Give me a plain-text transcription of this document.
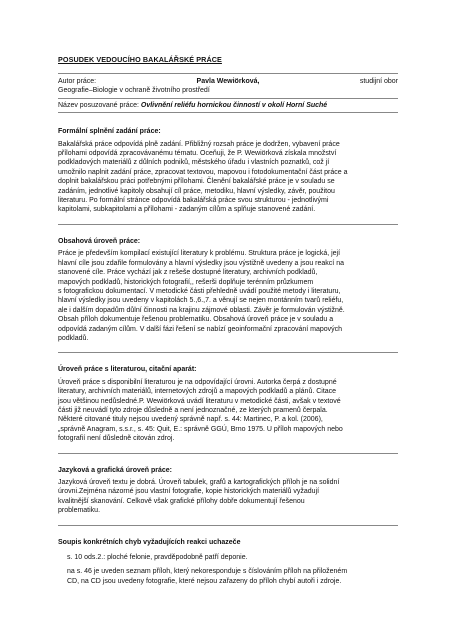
POSUDEK VEDOUCÍHO BAKALÁŘSKÉ PRÁCE
Autor práce:	Pavla Wewiörková,	studijní obor
Geografie–Biologie v ochraně životního prostředí
Název posuzované práce: Ovlivnění reliéfu hornickou činností v okolí Horní Suché
Formální splnění zadání práce:
Bakalářská práce odpovídá plně zadání. Přibližný rozsah práce je dodržen, vybavení práce
přílohami odpovídá zpracovávanému tématu. Oceňuji, že P. Wewiörková získala množství
podkladových materiálů z důlních podniků, městského úřadu i vlastních poznatků, což jí
umožnilo naplnit zadání práce, zpracovat textovou, mapovou i fotodokumentační část práce a
doplnit bakalářskou práci potřebnými přílohami. Členění bakalářské práce je v souladu se
zadáním, jednotlivé kapitoly obsahují cíl práce, metodiku, hlavní výsledky, závěr, použitou
literaturu. Po formální stránce odpovídá bakalářská práce svou strukturou - jednotlivými
kapitolami, subkapitolami a přílohami - zadaným cílům a splňuje stanovené zadání.
Obsahová úroveň práce:
Práce je především kompilací existující literatury k problému. Struktura práce je logická, její
hlavní cíle jsou zdařile formulovány a hlavní výsledky jsou výstižně uvedeny a jsou reakcí na
stanovené cíle. Práce vychází jak z rešeše dostupné literatury, archivních podkladů,
mapových podkladů, historických fotografií,, rešerši doplňuje terénním průzkumem
s fotografickou dokumentací. V metodické části přehledně uvádí použité metody i literaturu,
hlavní výsledky jsou uvedeny v kapitolách 5.,6.,7. a věnují se nejen montánním tvarů reliéfu,
ale i dalším dopadům důlní činnosti na krajinu zájmové oblasti. Závěr je formulován výstižně.
Obsah příloh dokumentuje řešenou problematiku. Obsahová úroveň práce je v souladu a
odpovídá zadaným cílům. V další fázi řešení se nabízí geoinformační zpracování mapových
podkladů.
Úroveň práce s literaturou, citační aparát:
Úroveň práce s disponibilní literaturou je na odpovídající úrovni. Autorka čerpá z dostupné
literatury, archivních materiálů, internetových zdrojů a mapových podkladů a plánů. Citace
jsou většinou nedůsledné.P. Wewiörková uvádí literaturu v metodické části, avšak v textové
části již neuvádí tyto zdroje důsledně a není jednoznačné, ze kterých pramenů čerpala.
Některé citované tituly nejsou uvedený správně např. s. 44: Martinec, P. a kol. (2006),
„správně Anagram, s.s.r., s. 45: Quit, E.: správně GGÚ, Brno 1975. U příloh mapových nebo
fotografií není důsledně citován zdroj.
Jazyková a grafická úroveň práce:
Jazyková úroveň textu je dobrá. Úroveň tabulek, grafů a kartografických příloh je na solidní
úrovni.Zejména názorné jsou vlastní fotografie, kopie historických materiálů vyžadují
kvalitnější skanování. Celkově však grafické přílohy dobře dokumentují řešenou
problematiku.
Soupis konkrétních chyb vyžadujících reakci uchazeče
s. 10 ods.2.: ploché felonie, pravděpodobně patří deponie.
na s. 46 je uveden seznam příloh, který nekoresponduje s číslováním příloh na přiloženém
CD, na CD jsou uvedeny fotografie, které nejsou zařazeny do příloh chybí autoři i zdroje.
